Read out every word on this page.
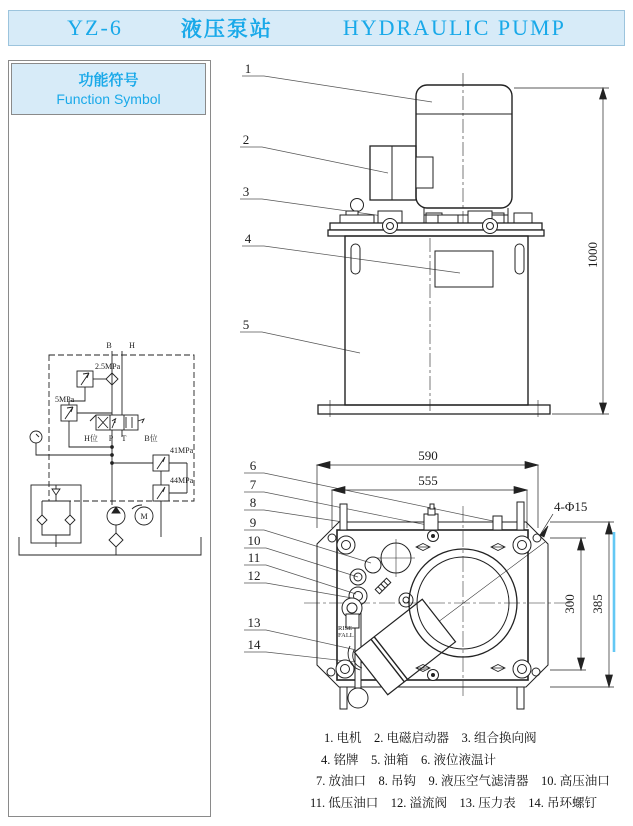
YZ-6	液压泵站	HYDRAULIC PUMP
功能符号
Function Symbol
B H
2.5MPa
5MPa
41MPa
44MPa
H位 P T B位
M
1
2
3
4
5
1000
6
7
8
9
10
11
12
13
14
590
555
4-Φ15
300 385
RISE
FALL
1. 电机    2. 电磁启动器    3. 组合换向阀
4. 铭牌    5. 油箱    6. 液位液温计
7. 放油口    8. 吊钩    9. 液压空气滤清器    10. 高压油口
11. 低压油口    12. 溢流阀    13. 压力表    14. 吊环螺钉
